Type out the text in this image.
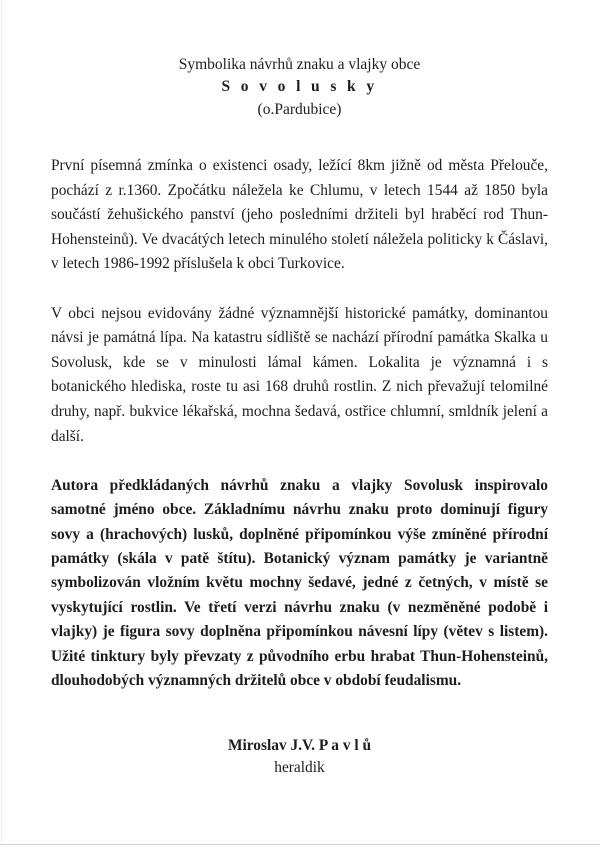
Symbolika návrhů znaku a vlajky obce
S o v o l u s k y
(o.Pardubice)

První písemná zmínka o existenci osady, ležící 8km jižně od města Přelouče, pochází z r.1360. Zpočátku náležela ke Chlumu, v letech 1544 až 1850 byla součástí žehušického panství (jeho posledními držiteli byl hraběcí rod Thun-Hohensteinů). Ve dvacátých letech minulého století náležela politicky k Čáslavi, v letech 1986-1992 příslušela k obci Turkovice.

V obci nejsou evidovány žádné významnější historické památky, dominantou návsi je památná lípa. Na katastru sídliště se nachází přírodní památka Skalka u Sovolusk, kde se v minulosti lámal kámen. Lokalita je významná i s botanického hlediska, roste tu asi 168 druhů rostlin. Z nich převažují telomilné druhy, např. bukvice lékařská, mochna šedavá, ostřice chlumní, smldník jelení a další.

Autora předkládaných návrhů znaku a vlajky Sovolusk inspirovalo samotné jméno obce. Základnímu návrhu znaku proto dominují figury sovy a (hrachových) lusků, doplněné připomínkou výše zmíněné přírodní památky (skála v patě štítu). Botanický význam památky je variantně symbolizován vložním květu mochny šedavé, jedné z četných, v místě se vyskytující rostlin. Ve třetí verzi návrhu znaku (v nezměněné podobě i vlajky) je figura sovy doplněna připomínkou návesní lípy (větev s listem). Užité tinktury byly převzaty z původního erbu hrabat Thun-Hohensteinů, dlouhodobých významných držitelů obce v období feudalismu.

Miroslav J.V. P a v l ů
heraldik
